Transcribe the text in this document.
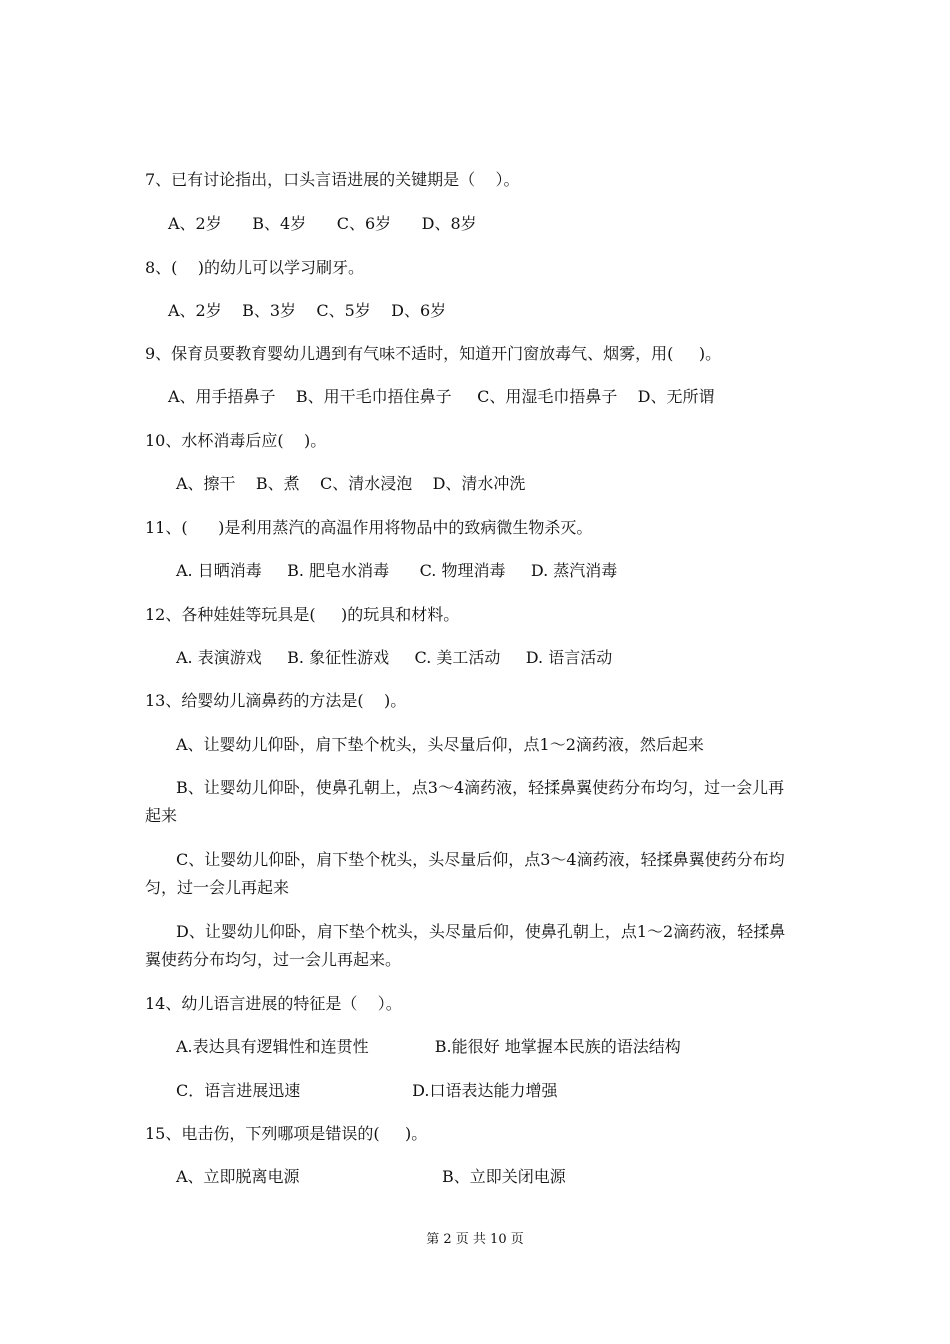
7、已有讨论指出，口头言语进展的关键期是（    ）。
A、2岁      B、4岁      C、6岁      D、8岁
8、(    )的幼儿可以学习刷牙。
A、2岁    B、3岁    C、5岁    D、6岁
9、保育员要教育婴幼儿遇到有气味不适时，知道开门窗放毒气、烟雾，用(     )。
A、用手捂鼻子    B、用干毛巾捂住鼻子     C、用湿毛巾捂鼻子    D、无所谓
10、水杯消毒后应(    )。
A、擦干    B、煮    C、清水浸泡    D、清水冲洗
11、(      )是利用蒸汽的高温作用将物品中的致病微生物杀灭。
A. 日晒消毒     B. 肥皂水消毒      C. 物理消毒     D. 蒸汽消毒
12、各种娃娃等玩具是(     )的玩具和材料。
A. 表演游戏     B. 象征性游戏     C. 美工活动     D. 语言活动
13、给婴幼儿滴鼻药的方法是(    )。
A、让婴幼儿仰卧，肩下垫个枕头，头尽量后仰，点1～2滴药液，然后起来
B、让婴幼儿仰卧，使鼻孔朝上，点3～4滴药液，轻揉鼻翼使药分布均匀，过一会儿再
起来
C、让婴幼儿仰卧，肩下垫个枕头，头尽量后仰，点3～4滴药液，轻揉鼻翼使药分布均
匀，过一会儿再起来
D、让婴幼儿仰卧，肩下垫个枕头，头尽量后仰，使鼻孔朝上，点1～2滴药液，轻揉鼻
翼使药分布均匀，过一会儿再起来。
14、幼儿语言进展的特征是（    ）。
A.表达具有逻辑性和连贯性             B.能很好 地掌握本民族的语法结构
C．语言进展迅速                      D.口语表达能力增强
15、电击伤，下列哪项是错误的(     )。
A、立即脱离电源                            B、立即关闭电源
第 2 页 共 10 页
